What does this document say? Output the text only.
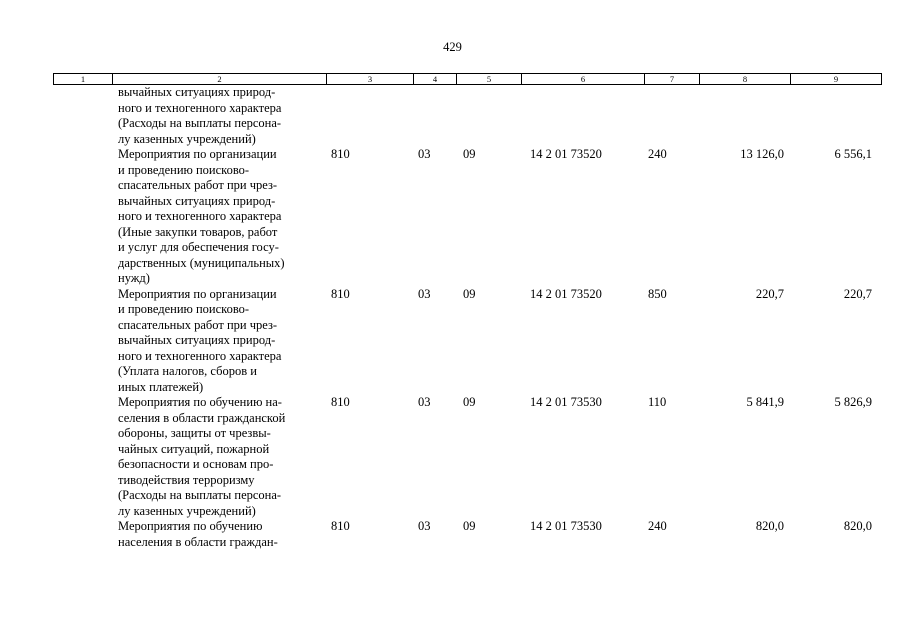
429
1	2	3	4	5	6	7	8	9
вычайных ситуациях природ-
ного и техногенного характера
(Расходы на выплаты персона-
лу казенных учреждений)
Мероприятия по организации
и проведению поисково-
спасательных работ при чрез-
вычайных ситуациях природ-
ного и техногенного характера
(Иные закупки товаров, работ
и услуг для обеспечения госу-
дарственных (муниципальных)
нужд)
810	03	09	14 2 01 73520	240	13 126,0	6 556,1
Мероприятия по организации
и проведению поисково-
спасательных работ при чрез-
вычайных ситуациях природ-
ного и техногенного характера
(Уплата налогов, сборов и
иных платежей)
810	03	09	14 2 01 73520	850	220,7	220,7
Мероприятия по обучению на-
селения в области гражданской
обороны, защиты от чрезвы-
чайных ситуаций, пожарной
безопасности и основам про-
тиводействия терроризму
(Расходы на выплаты персона-
лу казенных учреждений)
810	03	09	14 2 01 73530	110	5 841,9	5 826,9
Мероприятия по обучению
населения в области граждан-
810	03	09	14 2 01 73530	240	820,0	820,0
